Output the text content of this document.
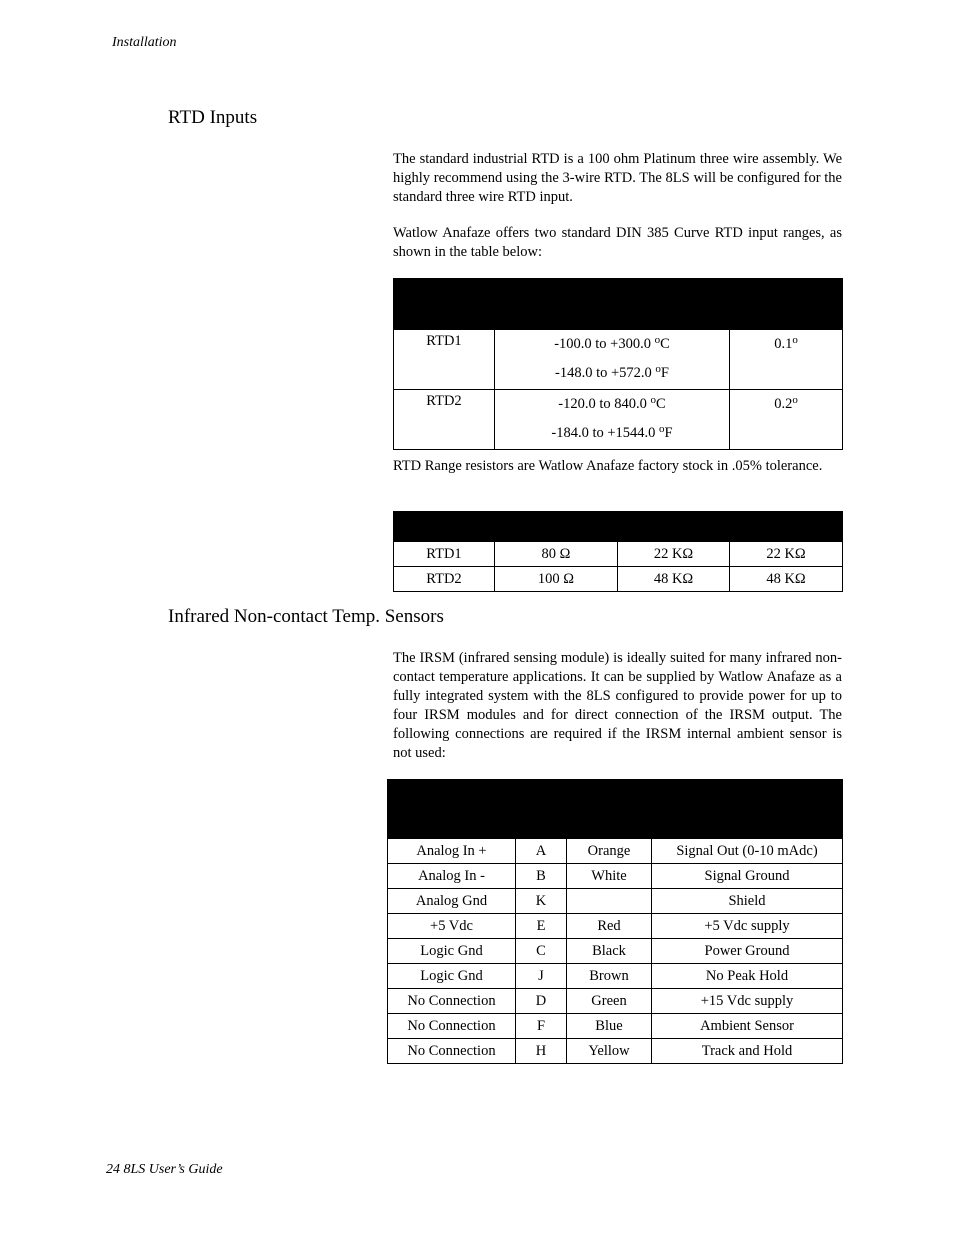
Installation
RTD Inputs

The standard industrial RTD is a 100 ohm Platinum three wire assembly. We highly recommend using the 3-wire RTD. The 8LS will be configured for the standard three wire RTD input.

Watlow Anafaze offers two standard DIN 385 Curve RTD input ranges, as shown in the table below:

RTD1	-100.0 to +300.0 $^o$C
-148.0 to +572.0 $^o$F	0.1$^o$

RTD2	-120.0 to 840.0 $^o$C
-184.0 to +1544.0 $^o$F	0.2$^o$

RTD Range resistors are Watlow Anafaze factory stock in .05% tolerance.

RTD1	80 Ω	22 KΩ	22 KΩ
RTD2	100 Ω	48 KΩ	48 KΩ
Infrared Non-contact Temp. Sensors

The IRSM (infrared sensing module) is ideally suited for many infrared non-contact temperature applications. It can be supplied by Watlow Anafaze as a fully integrated system with the 8LS configured to provide power for up to four IRSM modules and for direct connection of the IRSM output. The following connections are required if the IRSM internal ambient sensor is not used:

Analog In +	A	Orange	Signal Out (0-10 mAdc)
Analog In -	B	White	Signal Ground
Analog Gnd	K		Shield
+5 Vdc	E	Red	+5 Vdc supply
Logic Gnd	C	Black	Power Ground
Logic Gnd	J	Brown	No Peak Hold
No Connection	D	Green	+15 Vdc supply
No Connection	F	Blue	Ambient Sensor
No Connection	H	Yellow	Track and Hold
24 8LS User’s Guide
